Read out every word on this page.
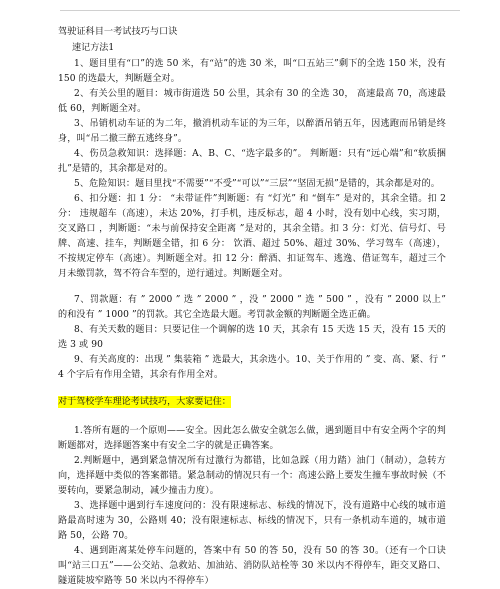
驾驶证科目一考试技巧与口诀

速记方法1

1、题目里有“口”的选 50 米，有“站”的选 30 米，叫“口五站三”剩下的全选 150 米，没有 150 的选最大，判断题全对。

2、有关公里的题目：城市街道选 50 公里，其余有 30 的全选 30， 高速最高 70，高速最低 60，判断题全对。

3、吊销机动车证的为二年，撤消机动车证的为三年，以醉酒吊销五年，因逃跑而吊销是终身，叫“吊二撤三醉五逃终身”。

4、伤员急救知识：选择题：A、B、C、“选字最多的”。 判断题：只有“远心端”和“软质捆扎”是错的，其余都是对的。

5、危险知识：题目里找“不需要”“不受”“可以”“三层”“坚固无损”是错的，其余都是对的。

6、扣分题：扣 1 分： “未带证件”判断题：有 “灯光” 和 “倒车” 是对的，其余全错。扣 2 分： 违规超车（高速），未达 20%，打手机，违反标志，超 4 小时，没有划中心线，实习期，交叉路口 ，判断题：“未与前保持安全距离 ”是对的，其余全错。扣 3 分：灯光、信号灯、号牌、高速、挂车，判断题全错，扣 6 分： 饮酒、超过 50%、超过 30%、学习驾车（高速），不按规定停车（高速）。判断题全对。扣 12 分：醉酒、扣证驾车、逃逸、借证驾车，超过三个月未缴罚款，驾不符合车型的，逆行通过。判断题全对。

7、罚款题：有 ” 2000 ” 选 ” 2000 ” ，没 ” 2000 ” 选 ” 500 ” ，没有 ” 2000 以上” 的和没有 ” 1000 ”的罚款。其它全选最大题。考罚款金额的判断题全选正确。

8、有关天数的题目：只要记住一个调解的选 10 天，其余有 15 天选 15 天，没有 15 天的选 3 或 90

9、有关高度的：出现 ” 集装箱 ” 选最大，其余选小。10、关于作用的 ” 变、高、紧、行 ” 4 个字后有作用全错，其余有作用全对。

对于驾校学车理论考试技巧，大家要记住：

1.答所有题的一个原则——安全。因此怎么做安全就怎么做，遇到题目中有安全两个字的判断题都对，选择题答案中有安全二字的就是正确答案。

2.判断题中，遇到紧急情况所有过激行为都错，比如急踩（用力踏）油门（制动），急转方向，选择题中类似的答案都错。紧急制动的情况只有一个：高速公路上要发生撞车事故时候（不要转向，要紧急制动，减少撞击力度）。

3、选择题中遇到行车速度问的：没有限速标志、标线的情况下，没有道路中心线的城市道路最高时速为 30，公路则 40；没有限速标志、标线的情况下，只有一条机动车道的，城市道路 50，公路 70。

4、遇到距离某处停车问题的，答案中有 50 的答 50，没有 50 的答 30。（还有一个口诀叫“站三口五”——公交站、急救站、加油站、消防队站栓等 30 米以内不得停车，距交叉路口、隧道陡坡窄路等 50 米以内不得停车）
